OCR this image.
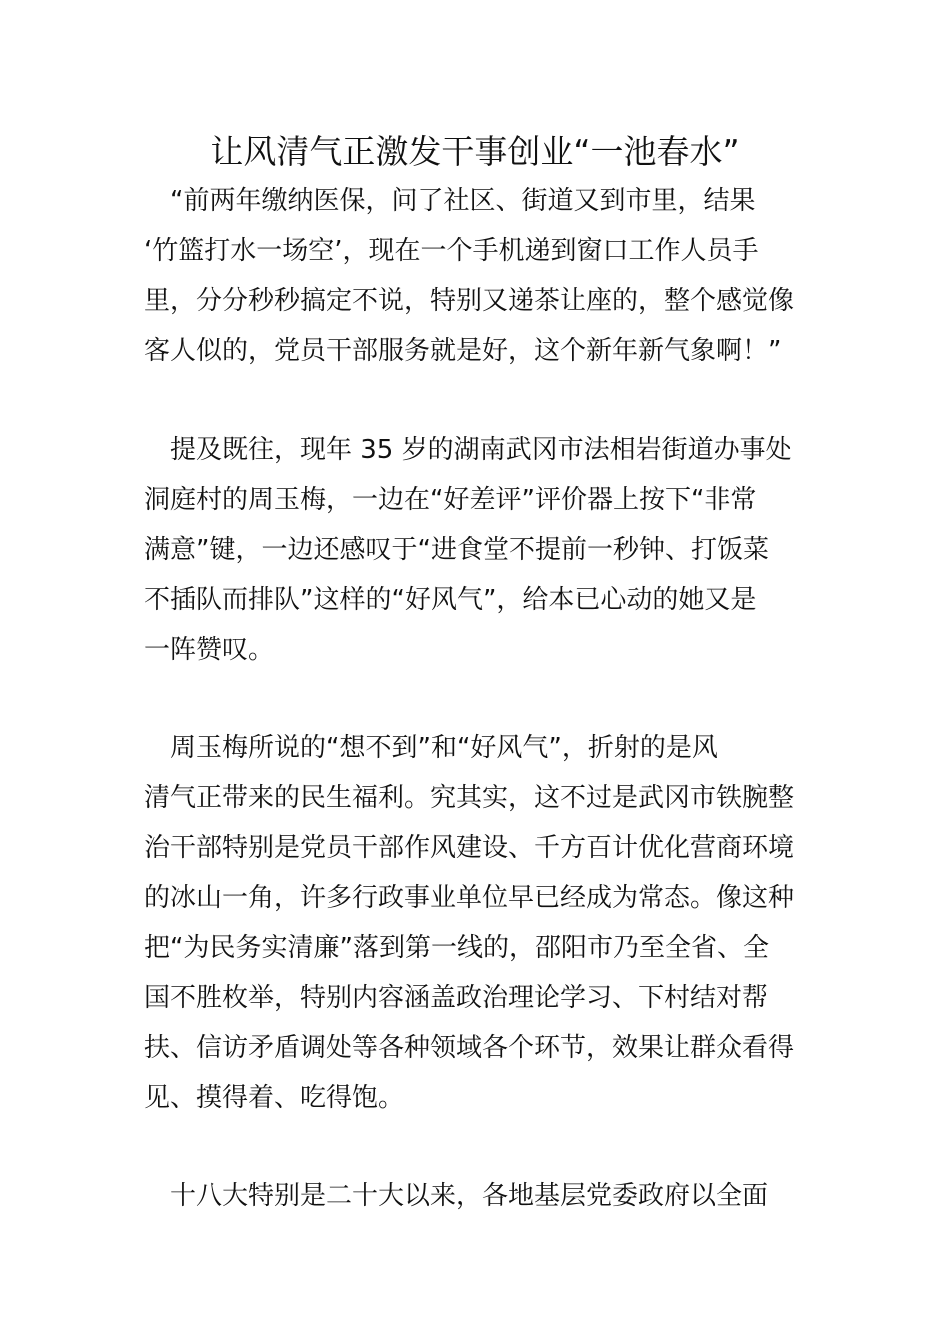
让风清气正激发干事创业“一池春水”
　“前两年缴纳医保，问了社区、街道又到市里，结果
‘竹篮打水一场空’，现在一个手机递到窗口工作人员手
里，分分秒秒搞定不说，特别又递茶让座的，整个感觉像
客人似的，党员干部服务就是好，这个新年新气象啊！”
　提及既往，现年 35 岁的湖南武冈市法相岩街道办事处
洞庭村的周玉梅，一边在“好差评”评价器上按下“非常
满意”键，一边还感叹于“进食堂不提前一秒钟、打饭菜
不插队而排队”这样的“好风气”，给本已心动的她又是
一阵赞叹。
　周玉梅所说的“想不到”和“好风气”，折射的是风
清气正带来的民生福利。究其实，这不过是武冈市铁腕整
治干部特别是党员干部作风建设、千方百计优化营商环境
的冰山一角，许多行政事业单位早已经成为常态。像这种
把“为民务实清廉”落到第一线的，邵阳市乃至全省、全
国不胜枚举，特别内容涵盖政治理论学习、下村结对帮
扶、信访矛盾调处等各种领域各个环节，效果让群众看得
见、摸得着、吃得饱。
　十八大特别是二十大以来，各地基层党委政府以全面
